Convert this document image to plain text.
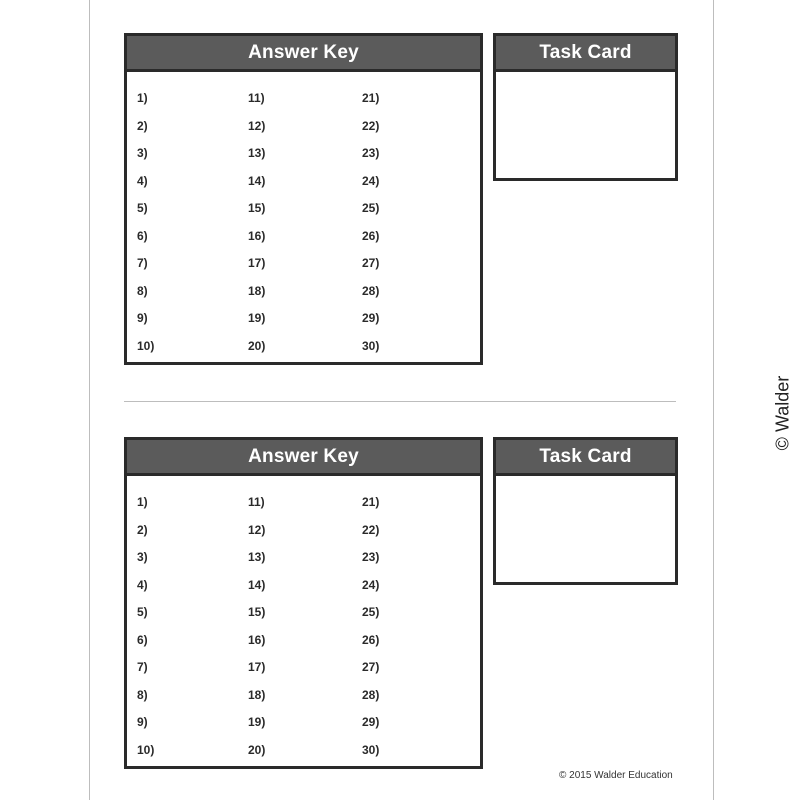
Answer Key
1)
2)
3)
4)
5)
6)
7)
8)
9)
10)
11)
12)
13)
14)
15)
16)
17)
18)
19)
20)
21)
22)
23)
24)
25)
26)
27)
28)
29)
30)
Task Card
Answer Key
1)
2)
3)
4)
5)
6)
7)
8)
9)
10)
11)
12)
13)
14)
15)
16)
17)
18)
19)
20)
21)
22)
23)
24)
25)
26)
27)
28)
29)
30)
Task Card
© Walder
© 2015 Walder Education
